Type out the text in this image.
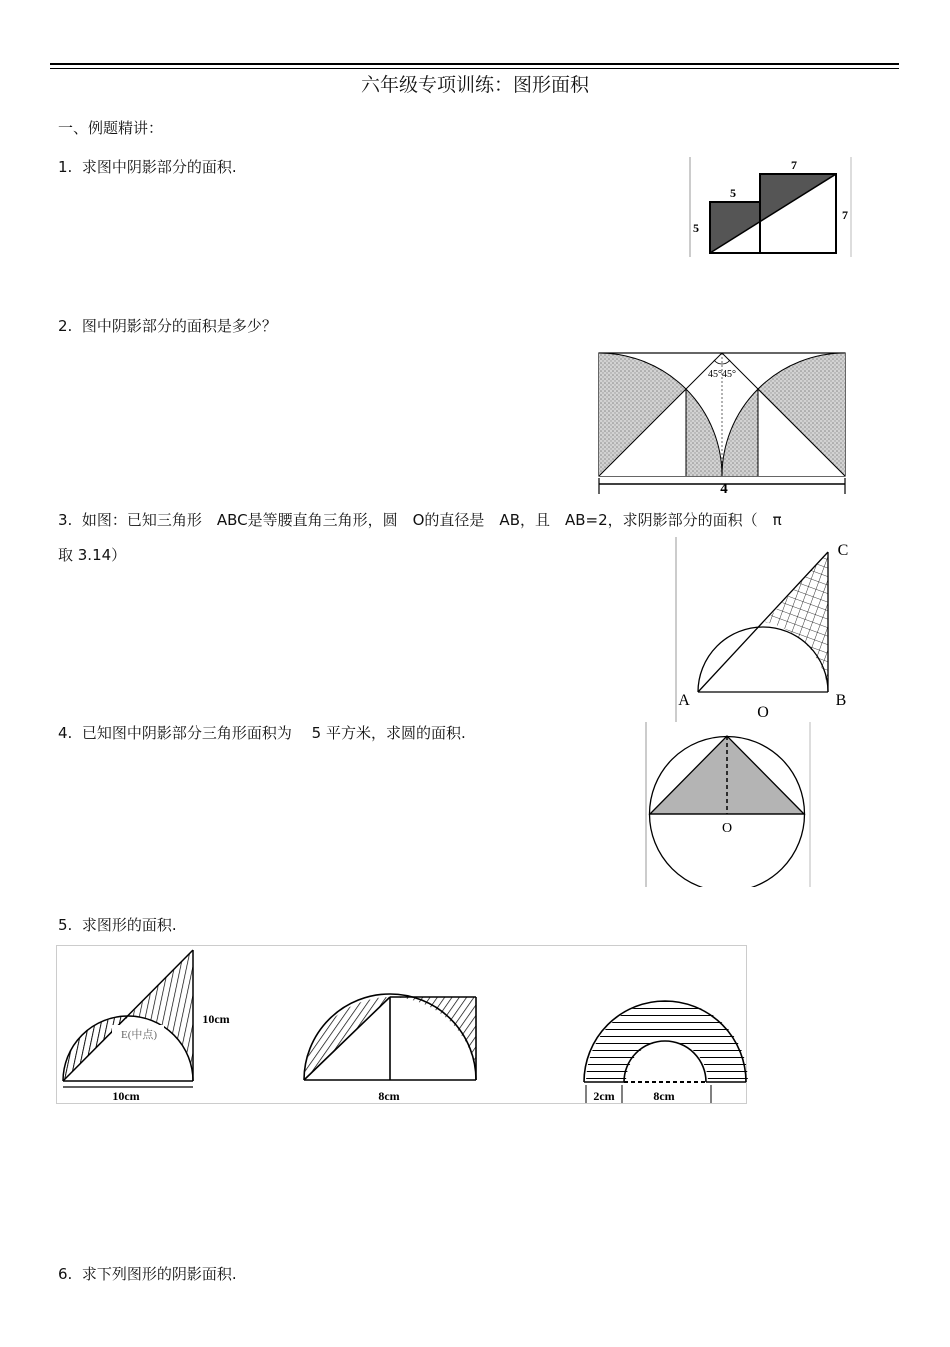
六年级专项训练：图形面积
一、例题精讲：
1. 求图中阴影部分的面积.	7
5
5
7
2. 图中阴影部分的面积是多少？
45°45°
4
3. 如图：已知三角形　ABC是等腰直角三角形，圆　O的直径是　AB，且　AB=2，求阴影部分的面积（　π
取 3.14）	C
A	B
O
4. 已知图中阴影部分三角形面积为　 5 平方米，求圆的面积.
O
5. 求图形的面积.
E(中点)
10cm
10cm	8cm	2cm	8cm
6. 求下列图形的阴影面积.
